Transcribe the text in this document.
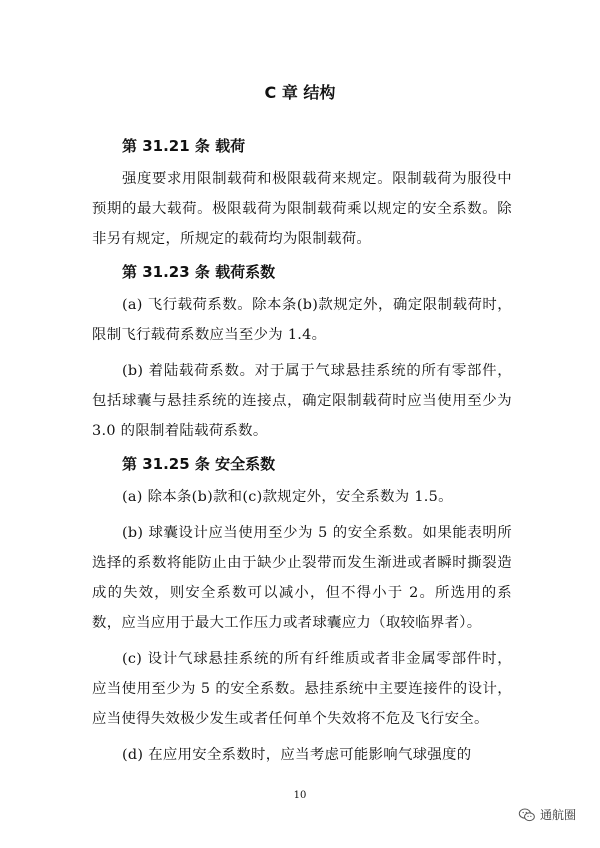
C 章 结构
第 31.21 条 载荷

强度要求用限制载荷和极限载荷来规定。限制载荷为服役中预期的最大载荷。极限载荷为限制载荷乘以规定的安全系数。除非另有规定，所规定的载荷均为限制载荷。

第 31.23 条 载荷系数

(a) 飞行载荷系数。除本条(b)款规定外，确定限制载荷时，限制飞行载荷系数应当至少为 1.4。

(b) 着陆载荷系数。对于属于气球悬挂系统的所有零部件，包括球囊与悬挂系统的连接点，确定限制载荷时应当使用至少为 3.0 的限制着陆载荷系数。

第 31.25 条 安全系数

(a) 除本条(b)款和(c)款规定外，安全系数为 1.5。

(b) 球囊设计应当使用至少为 5 的安全系数。如果能表明所选择的系数将能防止由于缺少止裂带而发生渐进或者瞬时撕裂造成的失效，则安全系数可以减小，但不得小于 2。所选用的系数，应当应用于最大工作压力或者球囊应力（取较临界者）。

(c) 设计气球悬挂系统的所有纤维质或者非金属零部件时，应当使用至少为 5 的安全系数。悬挂系统中主要连接件的设计，应当使得失效极少发生或者任何单个失效将不危及飞行安全。

(d) 在应用安全系数时，应当考虑可能影响气球强度的

10
通航圈
